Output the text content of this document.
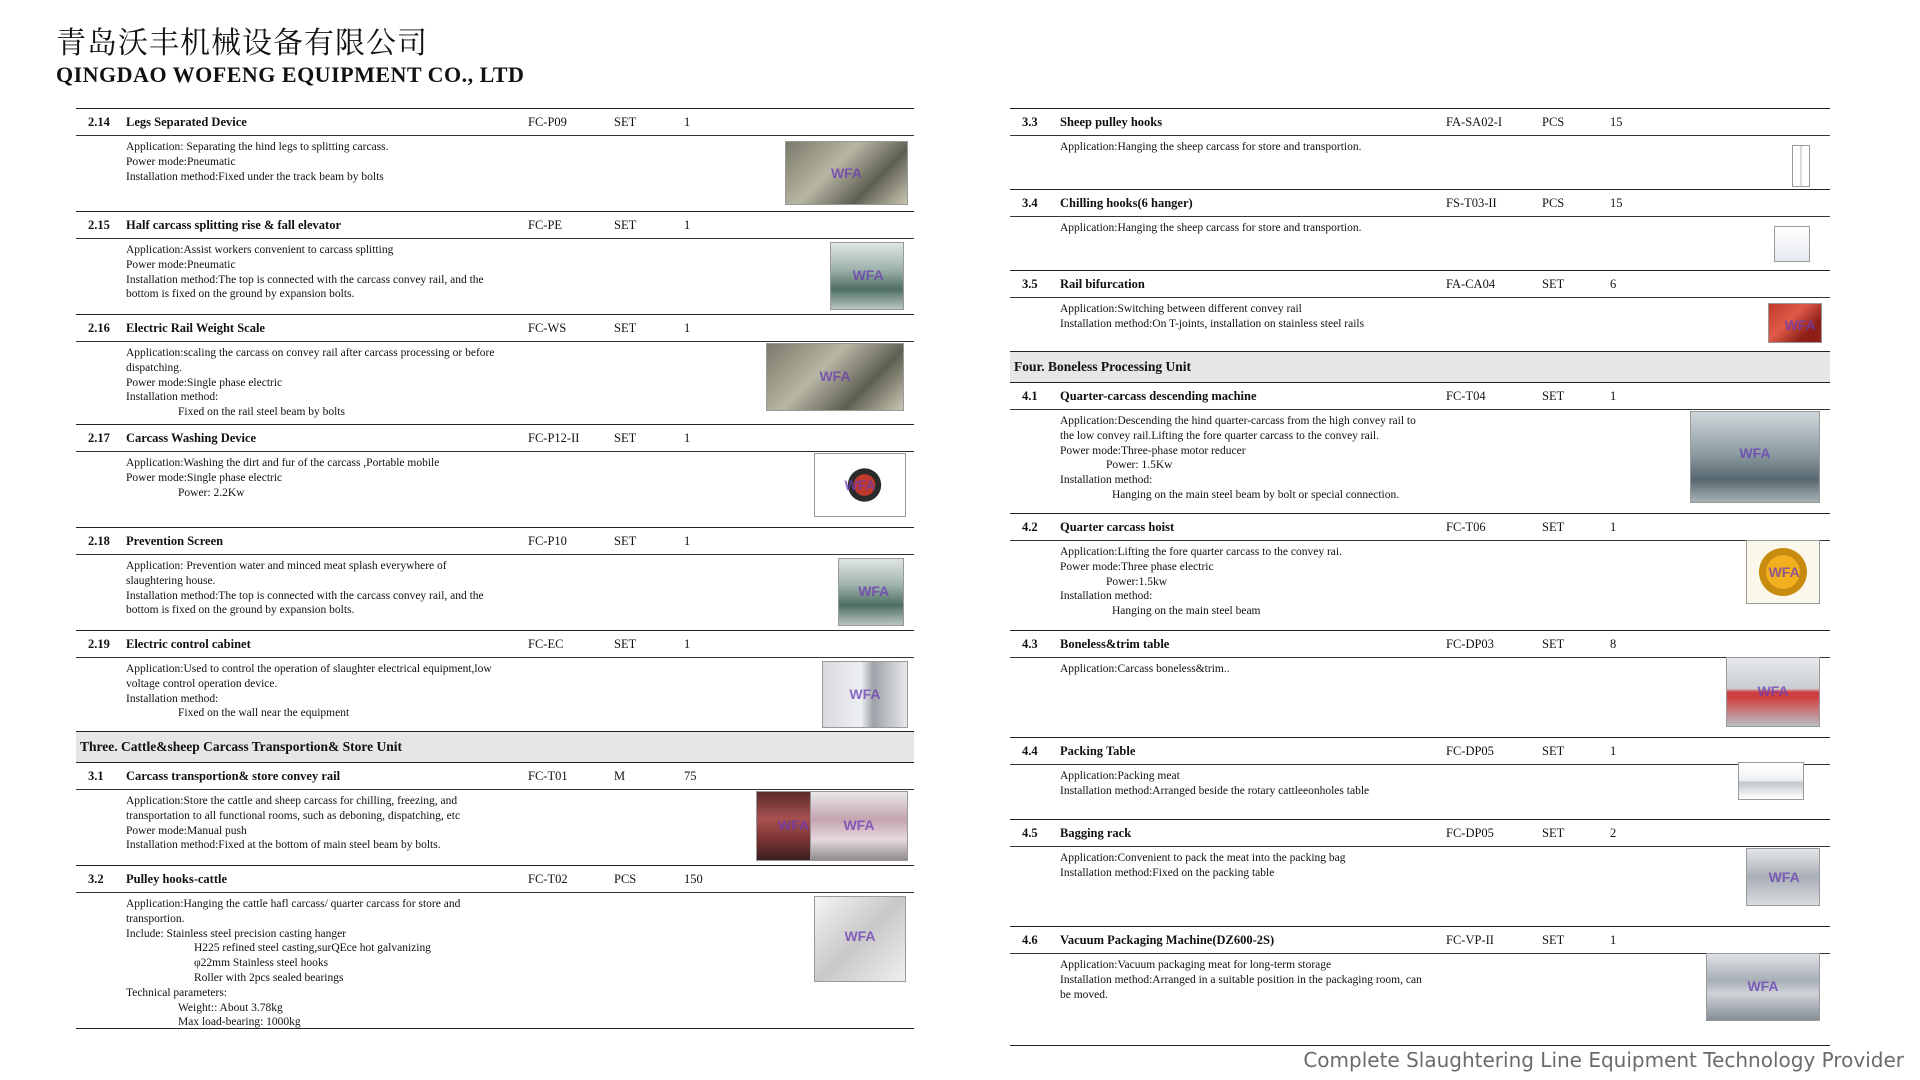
青岛沃丰机械设备有限公司
QINGDAO WOFENG EQUIPMENT CO., LTD
2.14	Legs Separated Device	FC-P09	SET	1
Application: Separating the hind legs to splitting carcass.
Power mode:Pneumatic
Installation method:Fixed under the track beam by bolts	WFA
2.15	Half carcass splitting rise & fall elevator	FC-PE	SET	1
Application:Assist workers convenient to carcass splitting
Power mode:Pneumatic
Installation method:The top is connected with the carcass convey rail, and the
bottom is fixed on the ground by expansion bolts.
WFA
2.16	Electric Rail Weight Scale	FC-WS	SET	1
Application:scaling the carcass on convey rail after carcass processing or before
dispatching.
Power mode:Single phase electric
Installation method:
Fixed on the rail steel beam by bolts
WFA
2.17	Carcass Washing Device	FC-P12-II	SET	1
Application:Washing the dirt and fur of the carcass ,Portable mobile
Power mode:Single phase electric
Power: 2.2Kw
WFA
2.18	Prevention Screen	FC-P10	SET	1
Application: Prevention water and minced meat splash everywhere of
slaughtering house.
Installation method:The top is connected with the carcass convey rail, and the
bottom is fixed on the ground by expansion bolts.
WFA
2.19	Electric control cabinet	FC-EC	SET	1
Application:Used to control the operation of slaughter electrical equipment,low
voltage control operation device.
Installation method:
Fixed on the wall near the equipment
WFA
Three. Cattle&sheep Carcass Transportion& Store Unit
3.1	Carcass transportion& store convey rail	FC-T01	M	75
Application:Store the cattle and sheep carcass for chilling, freezing, and
transportation to all functional rooms, such as deboning, dispatching, etc
Power mode:Manual push
Installation method:Fixed at the bottom of main steel beam by bolts.
WFA WFA
3.2	Pulley hooks-cattle	FC-T02	PCS	150
Application:Hanging the cattle hafl carcass/ quarter carcass for store and
transportion.
Include: Stainless steel precision casting hanger
H225 refined steel casting,surQEce hot galvanizing
φ22mm Stainless steel hooks
Roller with 2pcs sealed bearings
Technical parameters:
Weight:: About 3.78kg
Max load-bearing: 1000kg
WFA
3.3	Sheep pulley hooks	FA-SA02-I	PCS	15
Application:Hanging the sheep carcass for store and transportion.
3.4	Chilling hooks(6 hanger)	FS-T03-II	PCS	15
Application:Hanging the sheep carcass for store and transportion.
3.5	Rail bifurcation	FA-CA04	SET	6
Application:Switching between different convey rail
Installation method:On T-joints, installation on stainless steel rails	WFA
Four. Boneless Processing Unit
4.1	Quarter-carcass descending machine	FC-T04	SET	1
Application:Descending the hind quarter-carcass from the high convey rail to
the low convey rail.Lifting the fore quarter carcass to the convey rail.
Power mode:Three-phase motor reducer
Power: 1.5Kw
Installation method:
Hanging on the main steel beam by bolt or special connection.
WFA
4.2	Quarter carcass hoist	FC-T06	SET	1
Application:Lifting the fore quarter carcass to the convey rai.
Power mode:Three phase electric
Power:1.5kw
Installation method:
Hanging on the main steel beam
WFA
4.3	Boneless&trim table	FC-DP03	SET	8
Application:Carcass boneless&trim..
WFA
4.4	Packing Table	FC-DP05	SET	1
Application:Packing meat
Installation method:Arranged beside the rotary cattleeonholes table
4.5	Bagging rack	FC-DP05	SET	2
Application:Convenient to pack the meat into the packing bag
Installation method:Fixed on the packing table	WFA
4.6	Vacuum Packaging Machine(DZ600-2S)	FC-VP-II	SET	1
Application:Vacuum packaging meat for long-term storage
Installation method:Arranged in a suitable position in the packaging room, can
be moved.
WFA
Complete Slaughtering Line Equipment Technology Provider
